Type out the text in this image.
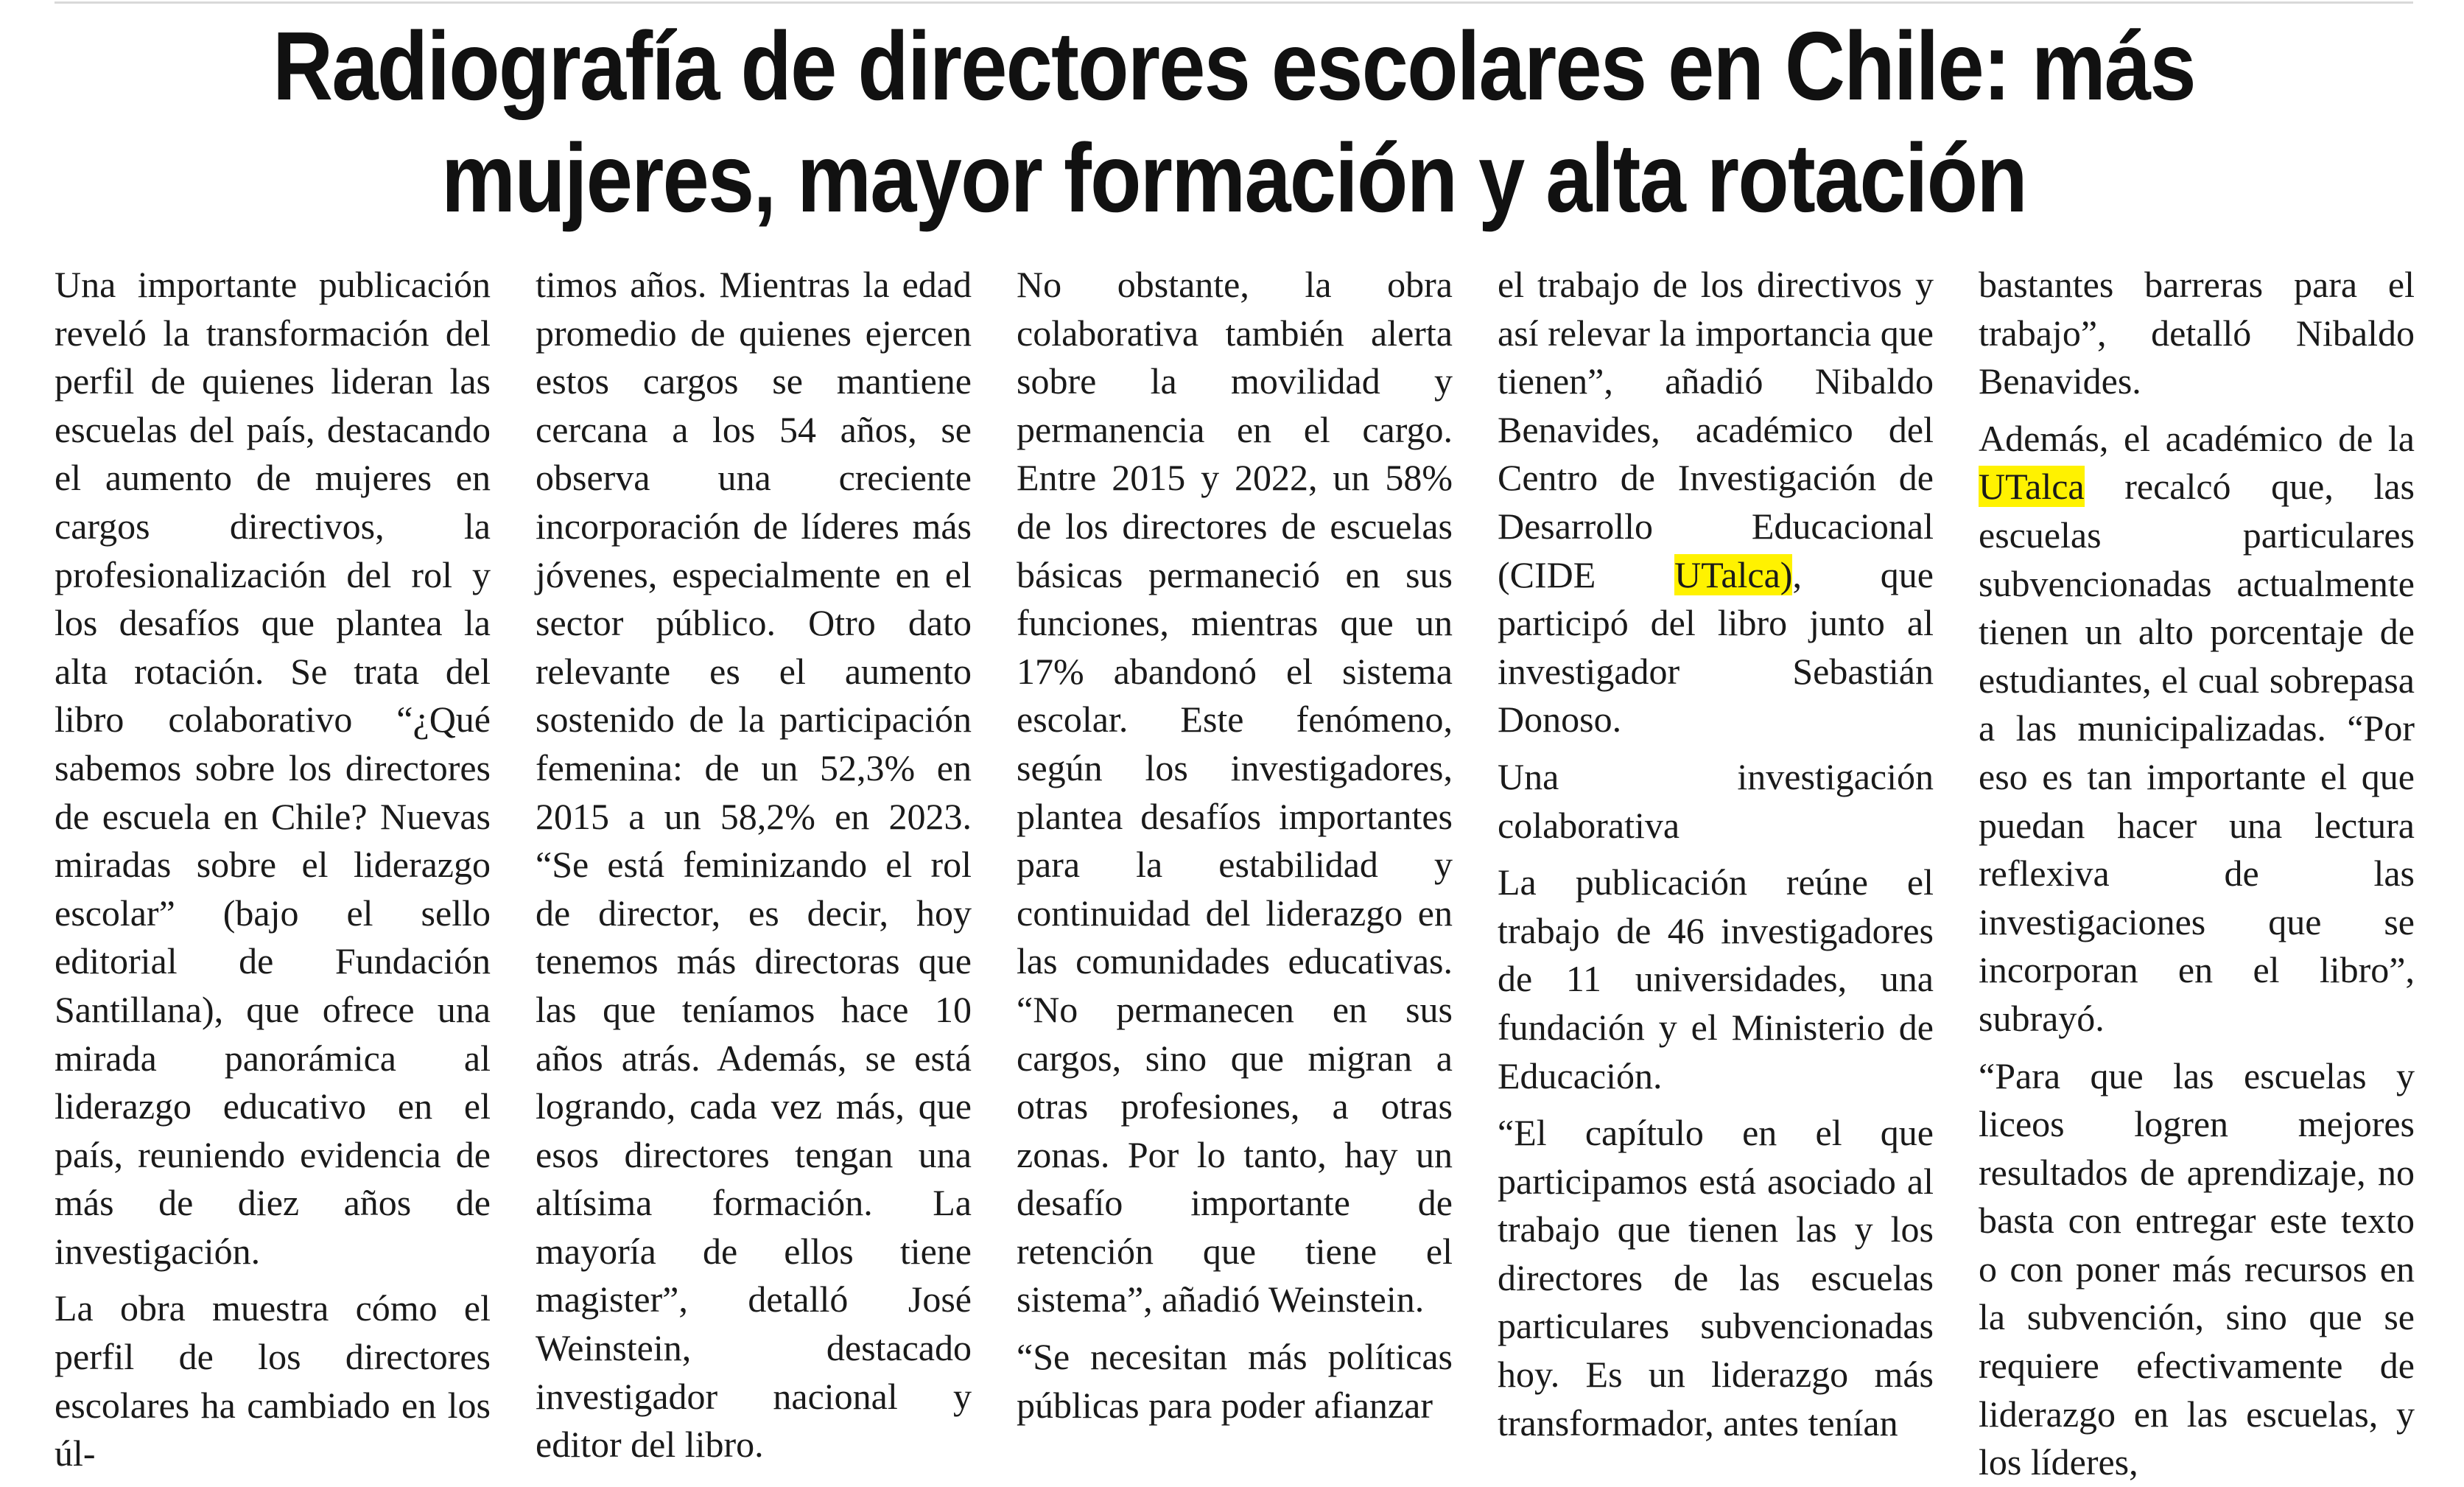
Radiografía de directores escolares en Chile: más mujeres, mayor formación y alta rotación

Una importante publicación reveló la transformación del perfil de quienes lideran las escuelas del país, destacando el aumento de mujeres en cargos directivos, la profesionalización del rol y los desafíos que plantea la alta rotación. Se trata del libro colaborativo “¿Qué sabemos sobre los directores de escuela en Chile? Nuevas miradas sobre el liderazgo escolar” (bajo el sello editorial de Fundación Santillana), que ofrece una mirada panorámica al liderazgo educativo en el país, reuniendo evidencia de más de diez años de investigación.

La obra muestra cómo el perfil de los directores escolares ha cambiado en los úl-

timos años. Mientras la edad promedio de quienes ejercen estos cargos se mantiene cercana a los 54 años, se observa una creciente incorporación de líderes más jóvenes, especialmente en el sector público. Otro dato relevante es el aumento sostenido de la participación femenina: de un 52,3% en 2015 a un 58,2% en 2023. “Se está feminizando el rol de director, es decir, hoy tenemos más directoras que las que teníamos hace 10 años atrás. Además, se está logrando, cada vez más, que esos directores tengan una altísima formación. La mayoría de ellos tiene magister”, detalló José Weinstein, destacado investigador nacional y editor del libro.

No obstante, la obra colaborativa también alerta sobre la movilidad y permanencia en el cargo. Entre 2015 y 2022, un 58% de los directores de escuelas básicas permaneció en sus funciones, mientras que un 17% abandonó el sistema escolar. Este fenómeno, según los investigadores, plantea desafíos importantes para la estabilidad y continuidad del liderazgo en las comunidades educativas. “No permanecen en sus cargos, sino que migran a otras profesiones, a otras zonas. Por lo tanto, hay un desafío importante de retención que tiene el sistema”, añadió Weinstein.

“Se necesitan más políticas públicas para poder afianzar

el trabajo de los directivos y así relevar la importancia que tienen”, añadió Nibaldo Benavides, académico del Centro de Investigación de Desarrollo Educacional (CIDE UTalca), que participó del libro junto al investigador Sebastián Donoso.

Una investigación colaborativa

La publicación reúne el trabajo de 46 investigadores de 11 universidades, una fundación y el Ministerio de Educación.

“El capítulo en el que participamos está asociado al trabajo que tienen las y los directores de las escuelas particulares subvencionadas hoy. Es un liderazgo más transformador, antes tenían

bastantes barreras para el trabajo”, detalló Nibaldo Benavides.

Además, el académico de la UTalca recalcó que, las escuelas particulares subvencionadas actualmente tienen un alto porcentaje de estudiantes, el cual sobrepasa a las municipalizadas. “Por eso es tan importante el que puedan hacer una lectura reflexiva de las investigaciones que se incorporan en el libro”, subrayó.

“Para que las escuelas y liceos logren mejores resultados de aprendizaje, no basta con entregar este texto o con poner más recursos en la subvención, sino que se requiere efectivamente de liderazgo en las escuelas, y los líderes,
